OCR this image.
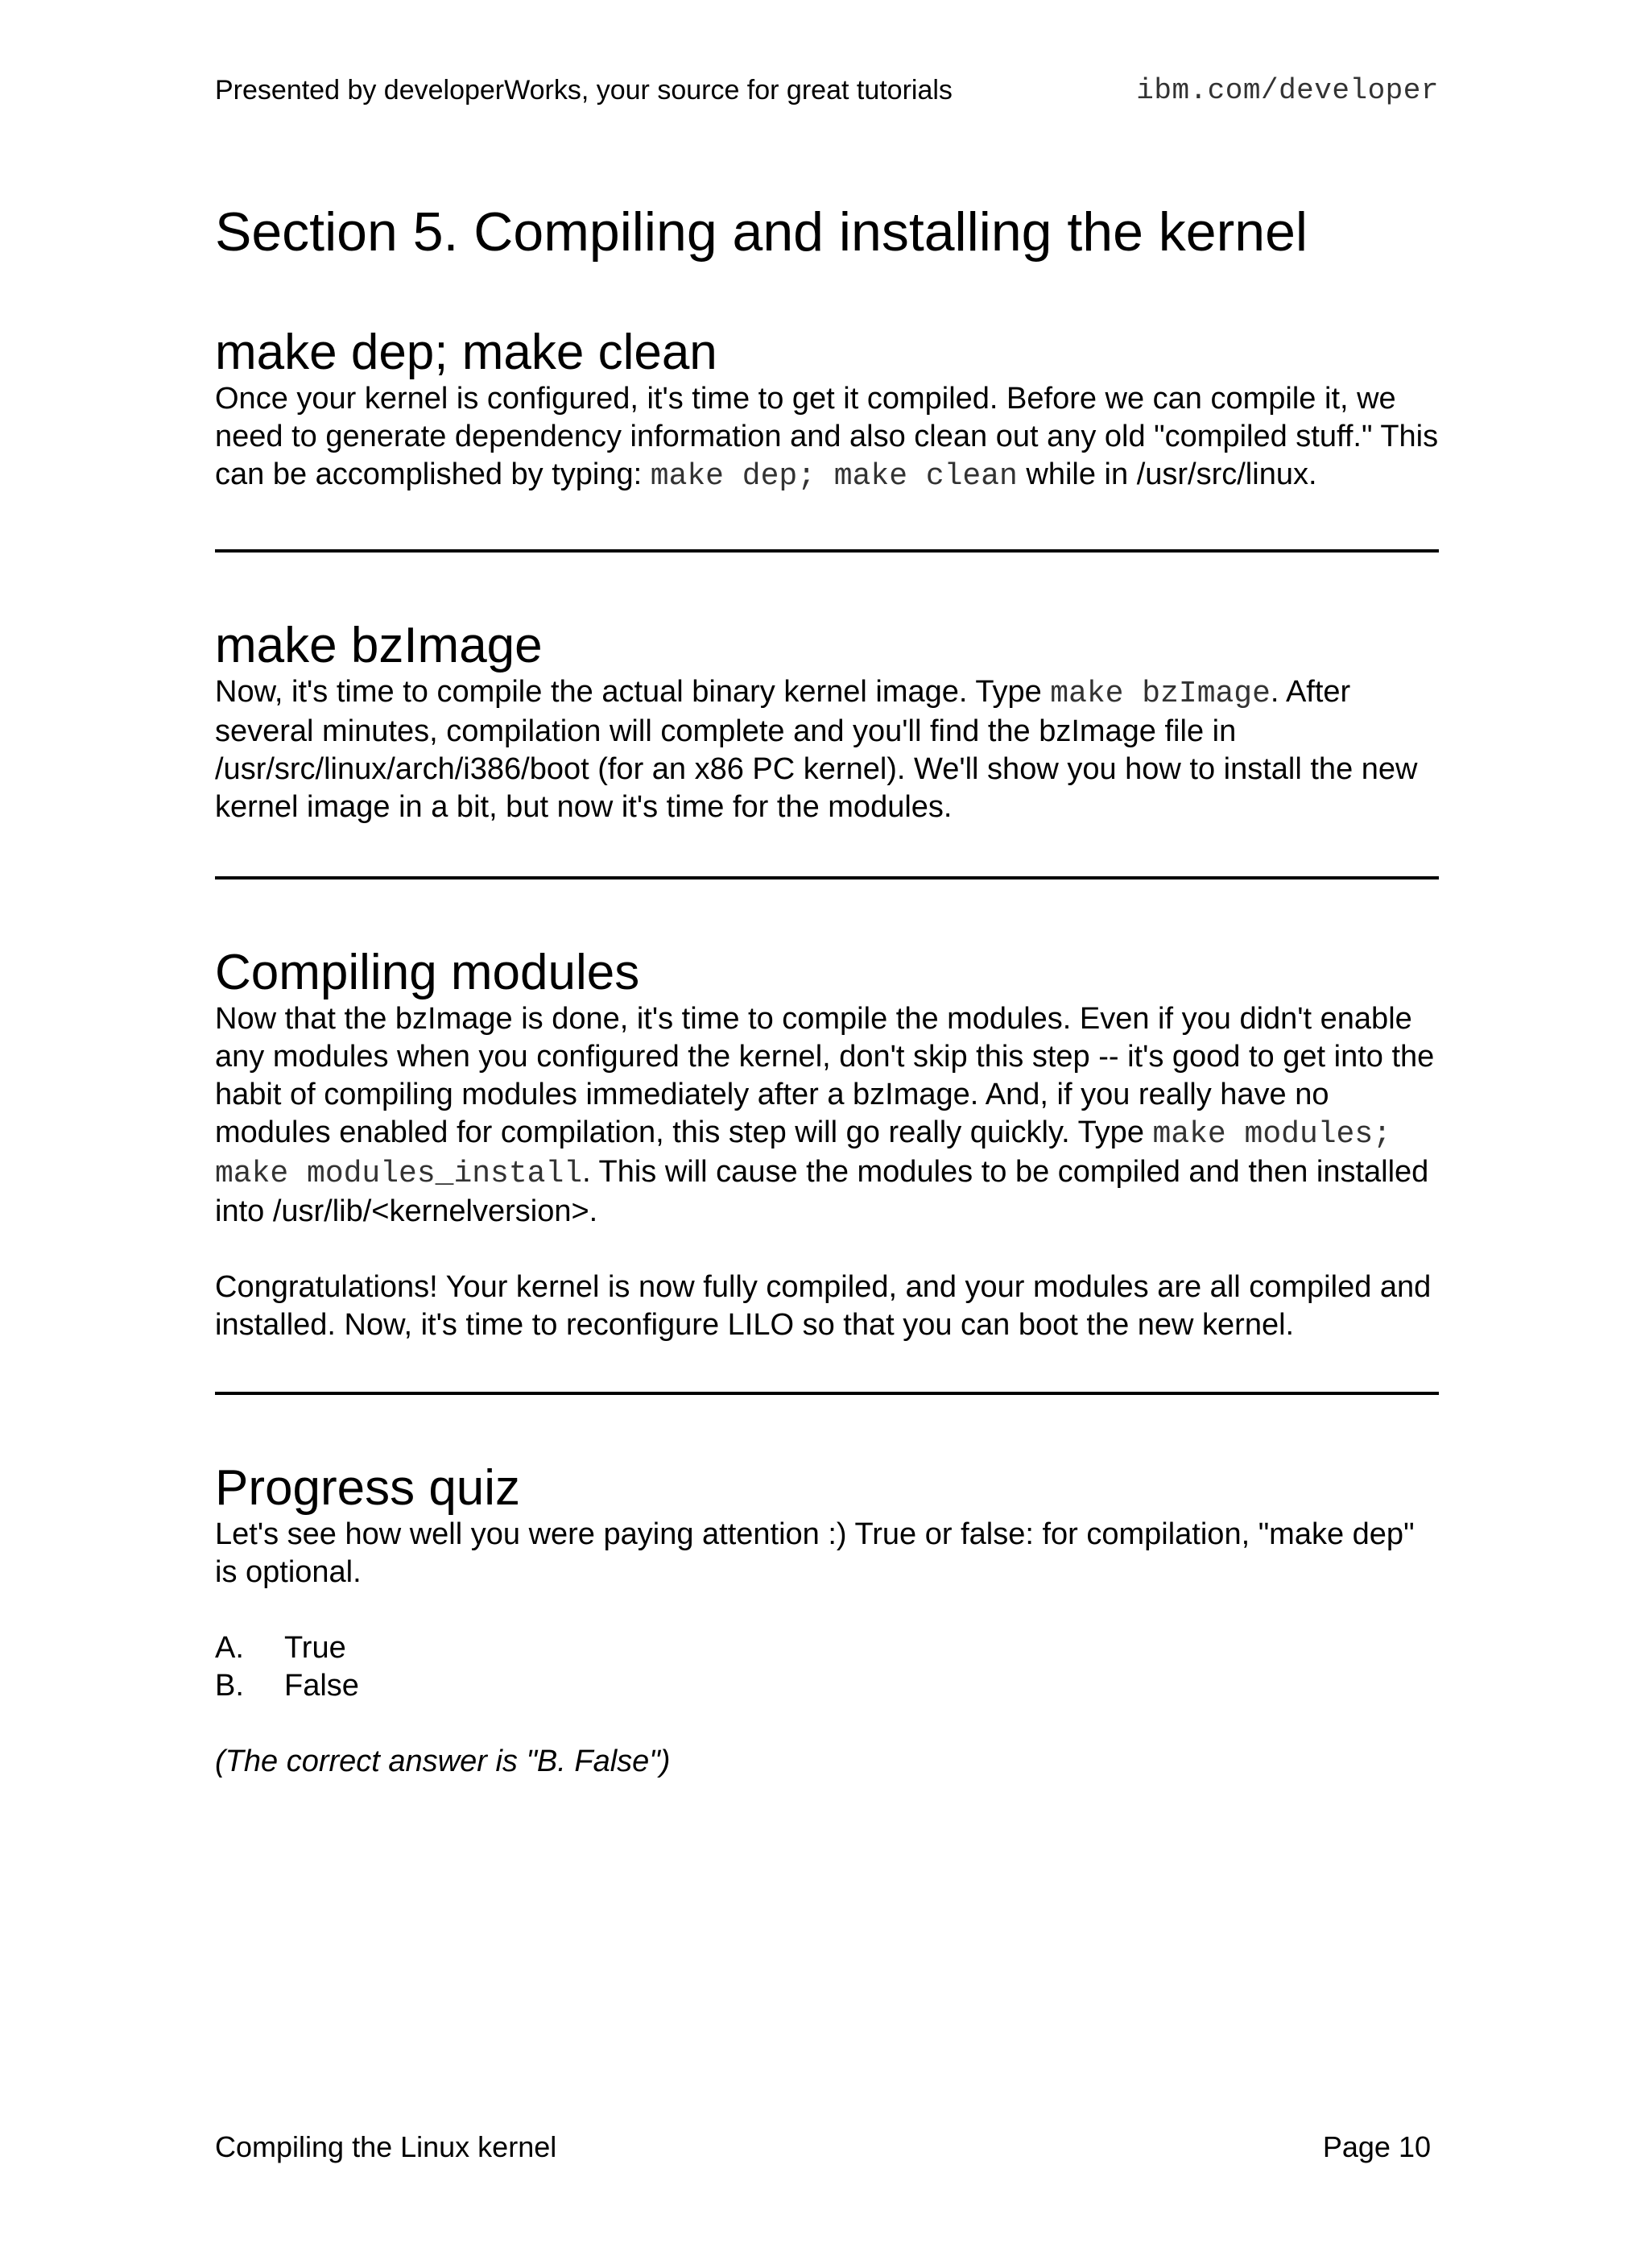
Presented by developerWorks, your source for great tutorials	ibm.com/developer
Section 5. Compiling and installing the kernel
make dep; make clean

Once your kernel is configured, it's time to get it compiled. Before we can compile it, we need to generate dependency information and also clean out any old "compiled stuff." This can be accomplished by typing: make dep; make clean while in /usr/src/linux.

make bzImage

Now, it's time to compile the actual binary kernel image. Type make bzImage. After several minutes, compilation will complete and you'll find the bzImage file in /usr/src/linux/arch/i386/boot (for an x86 PC kernel). We'll show you how to install the new kernel image in a bit, but now it's time for the modules.

Compiling modules

Now that the bzImage is done, it's time to compile the modules. Even if you didn't enable any modules when you configured the kernel, don't skip this step -- it's good to get into the habit of compiling modules immediately after a bzImage. And, if you really have no modules enabled for compilation, this step will go really quickly. Type make modules; make modules_install. This will cause the modules to be compiled and then installed into /usr/lib/<kernelversion>.

Congratulations! Your kernel is now fully compiled, and your modules are all compiled and installed. Now, it's time to reconfigure LILO so that you can boot the new kernel.

Progress quiz

Let's see how well you were paying attention :) True or false: for compilation, "make dep" is optional.

A.	True
B.	False

(The correct answer is "B. False")

Compiling the Linux kernel	Page 10
